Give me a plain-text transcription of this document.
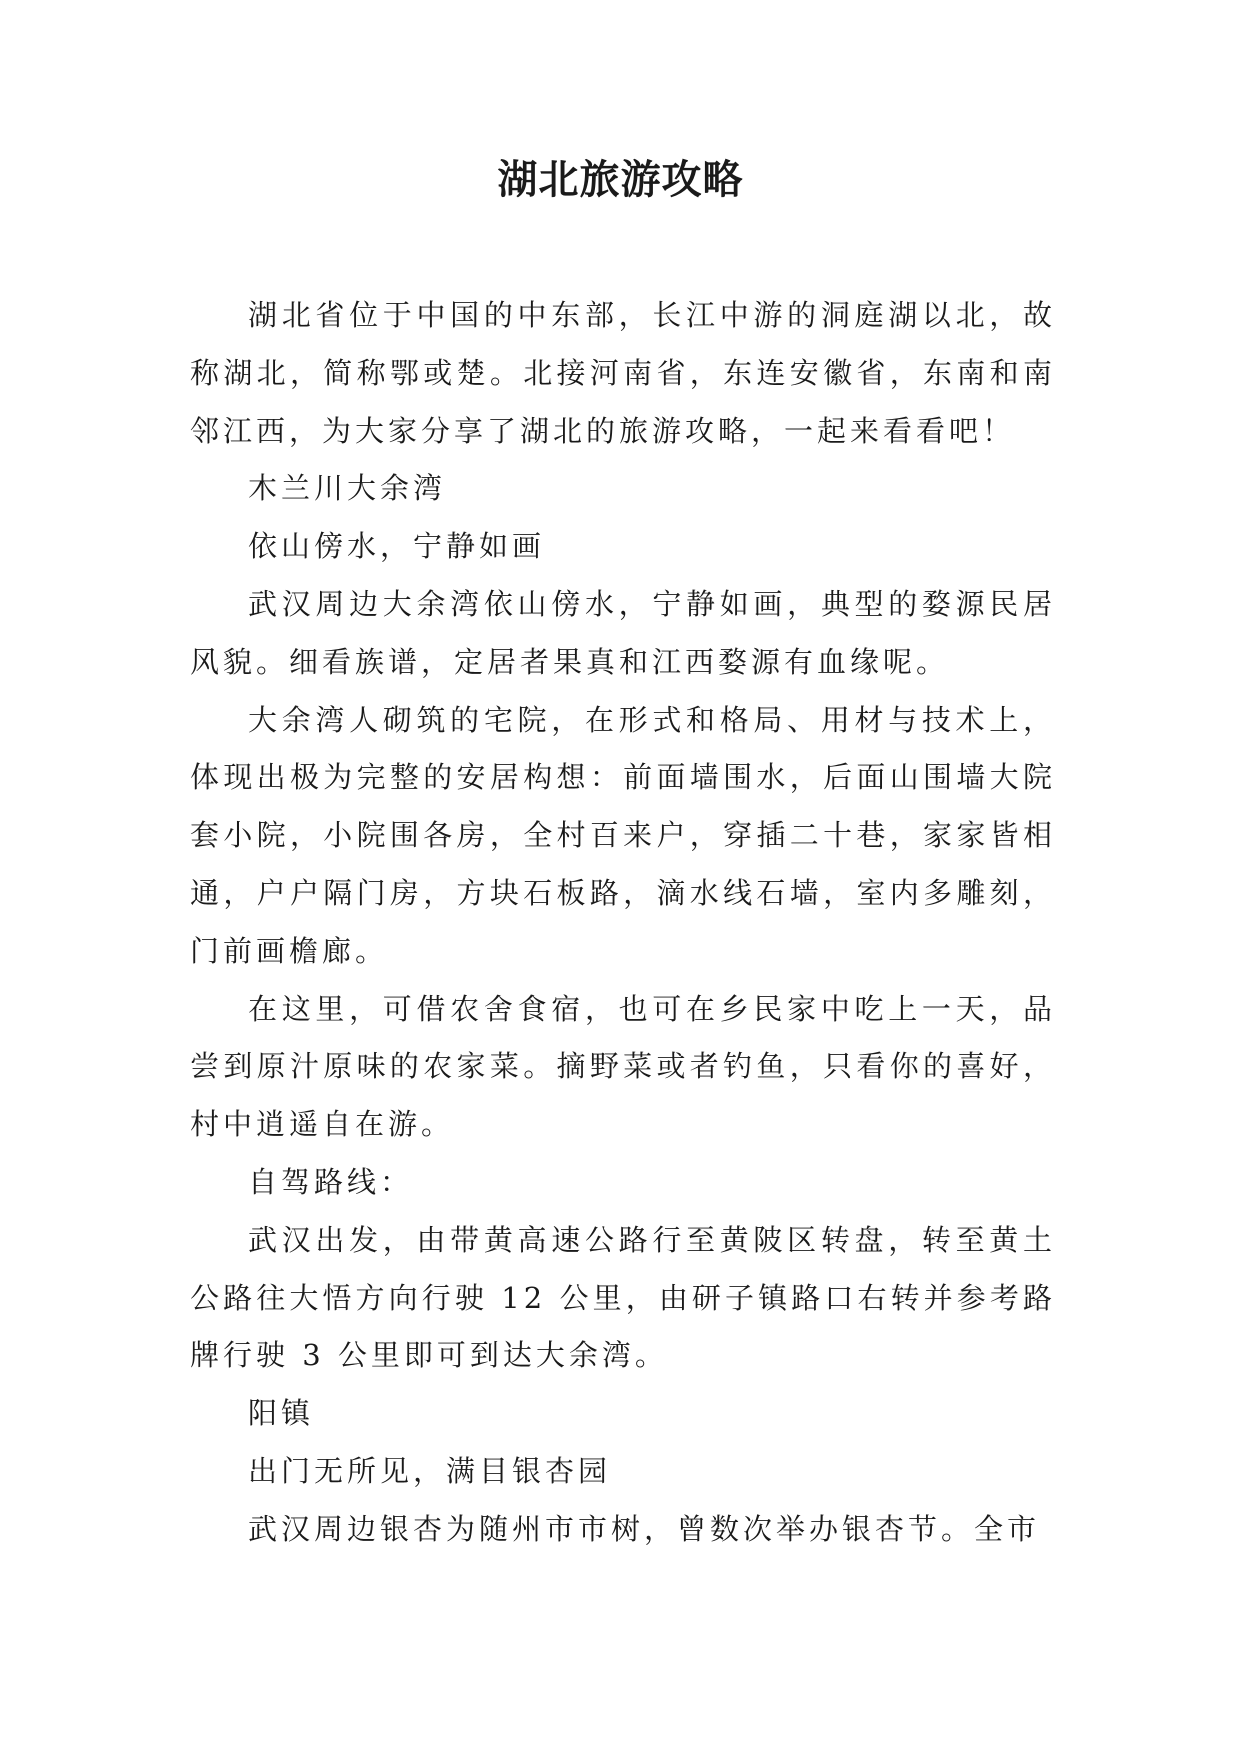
湖北旅游攻略

湖北省位于中国的中东部，长江中游的洞庭湖以北，故称湖北，简称鄂或楚。北接河南省，东连安徽省，东南和南邻江西，为大家分享了湖北的旅游攻略，一起来看看吧！

木兰川大余湾

依山傍水，宁静如画

武汉周边大余湾依山傍水，宁静如画，典型的婺源民居风貌。细看族谱，定居者果真和江西婺源有血缘呢。

大余湾人砌筑的宅院，在形式和格局、用材与技术上，体现出极为完整的安居构想：前面墙围水，后面山围墙大院套小院，小院围各房，全村百来户，穿插二十巷，家家皆相通，户户隔门房，方块石板路，滴水线石墙，室内多雕刻，门前画檐廊。

在这里，可借农舍食宿，也可在乡民家中吃上一天，品尝到原汁原味的农家菜。摘野菜或者钓鱼，只看你的喜好，村中逍遥自在游。

自驾路线：

武汉出发，由带黄高速公路行至黄陂区转盘，转至黄土公路往大悟方向行驶 12 公里，由研子镇路口右转并参考路牌行驶 3 公里即可到达大余湾。

阳镇

出门无所见，满目银杏园

武汉周边银杏为随州市市树，曾数次举办银杏节。全市
